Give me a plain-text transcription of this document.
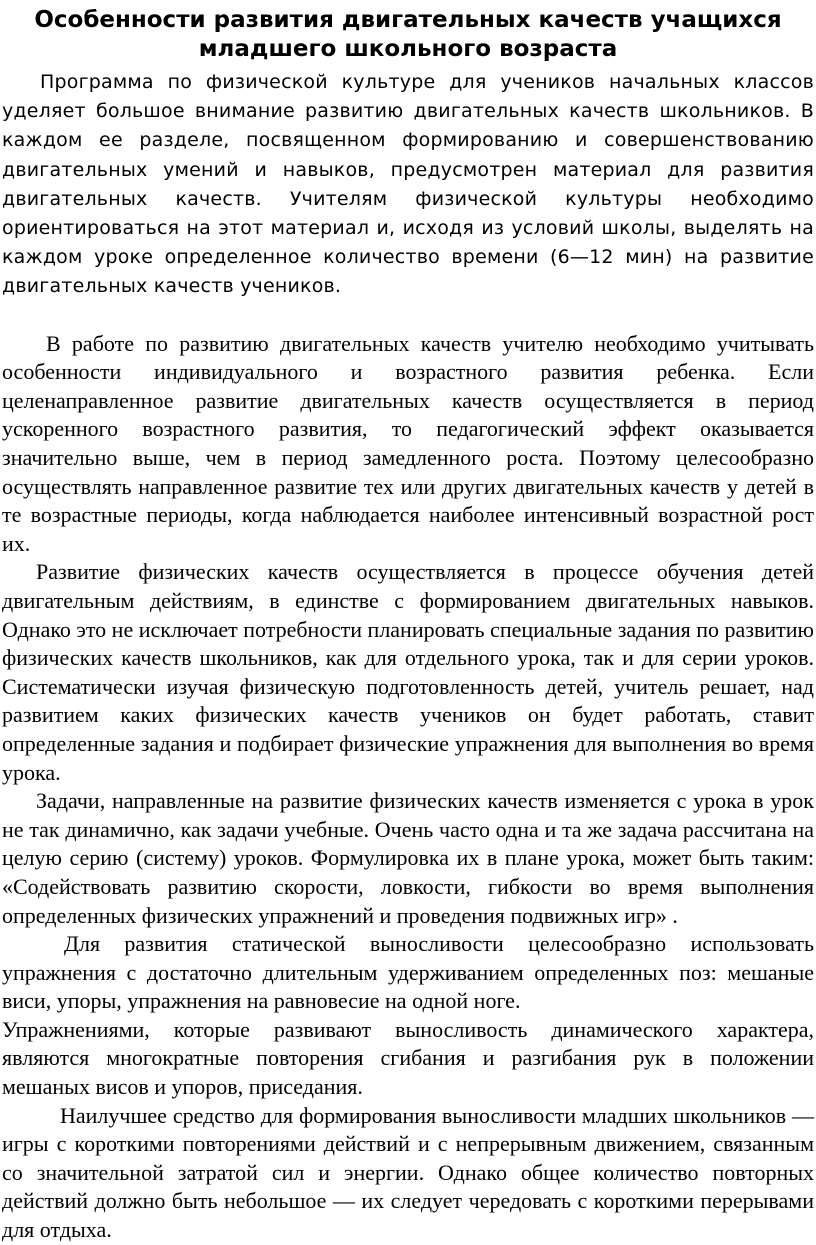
Особенности развития двигательных качеств учащихся
младшего школьного возраста

Программа по физической культуре для учеников начальных классов уделяет большое внимание развитию двигательных качеств школьников. В каждом ее разделе, посвященном формированию и совершенствованию двигательных умений и навыков, предусмотрен материал для развития двигательных качеств. Учителям физической культуры необходимо ориентироваться на этот материал и, исходя из условий школы, выделять на каждом уроке определенное количество времени (6—12 мин) на развитие двигательных качеств учеников.

В работе по развитию двигательных качеств учителю необходимо учитывать особенности индивидуального и возрастного развития ребенка. Если целенаправленное развитие двигательных качеств осуществляется в период ускоренного возрастного развития, то педагогический эффект оказывается значительно выше, чем в период замедленного роста. Поэтому целесообразно осуществлять направленное развитие тех или других двигательных качеств у детей в те возрастные периоды, когда наблюдается наиболее интенсивный возрастной рост их.

Развитие физических качеств осуществляется в процессе обучения детей двигательным действиям, в единстве с формированием двигательных навыков. Однако это не исключает потребности планировать специальные задания по развитию физических качеств школьников, как для отдельного урока, так и для серии уроков. Систематически изучая физическую подготовленность детей, учитель решает, над развитием каких физических качеств учеников он будет работать, ставит определенные задания и подбирает физические упражнения для выполнения во время урока.

Задачи, направленные на развитие физических качеств изменяется с урока в урок не так динамично, как задачи учебные. Очень часто одна и та же задача рассчитана на целую серию (систему) уроков. Формулировка их в плане урока, может быть таким: «Содействовать развитию скорости, ловкости, гибкости во время выполнения определенных физических упражнений и проведения подвижных игр» .

Для развития статической выносливости целесообразно использовать упражнения с достаточно длительным удерживанием определенных поз: мешаные виси, упоры, упражнения на равновесие на одной ноге.

Упражнениями, которые развивают выносливость динамического характера, являются многократные повторения сгибания и разгибания рук в положении мешаных висов и упоров, приседания.

Наилучшее средство для формирования выносливости младших школьников — игры с короткими повторениями действий и с непрерывным движением, связанным со значительной затратой сил и энергии. Однако общее количество повторных действий должно быть небольшое — их следует чередовать с короткими перерывами для отдыха.
